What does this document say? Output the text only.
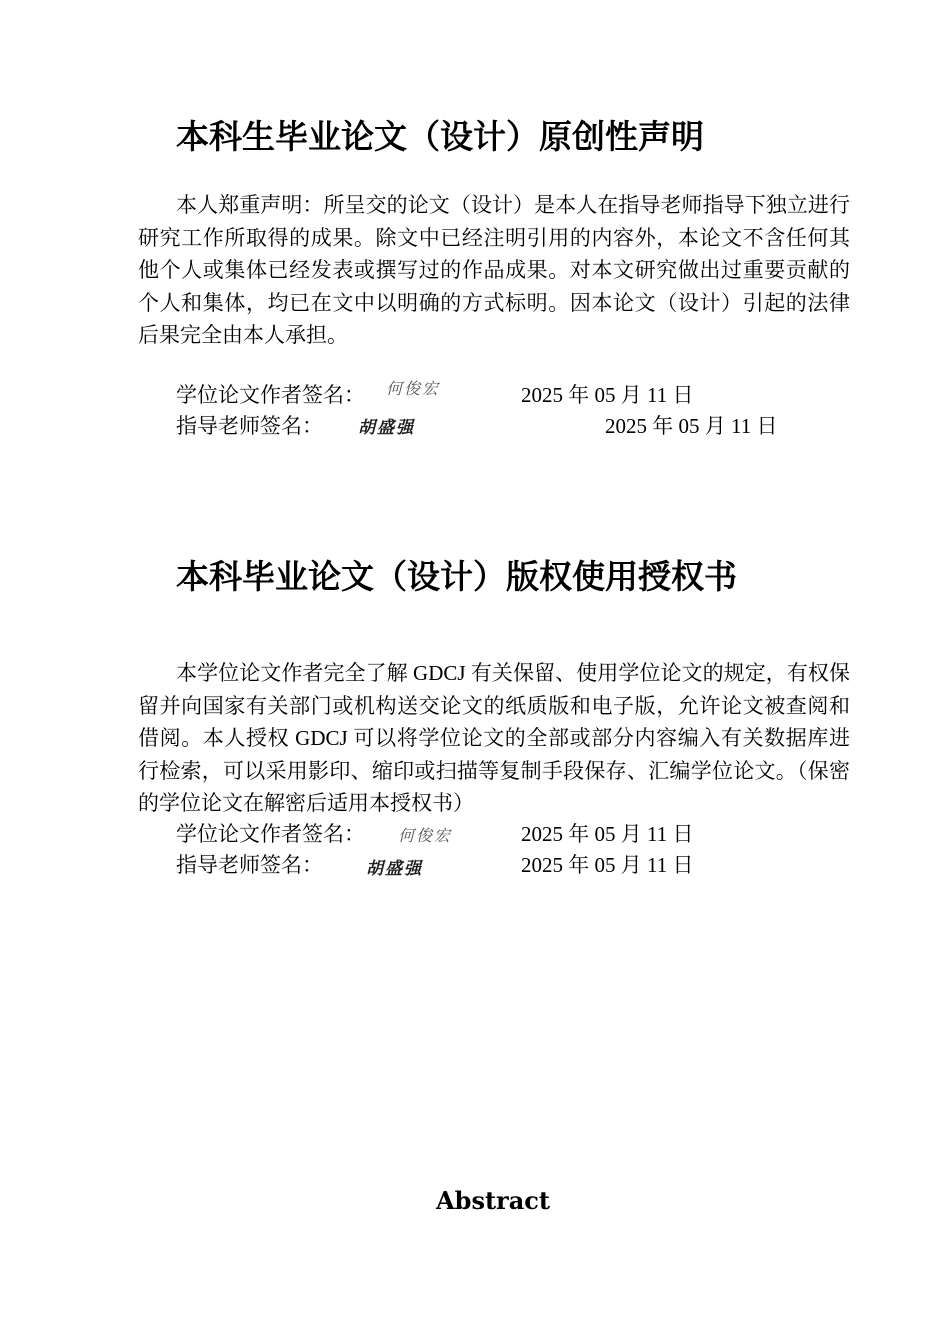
本科生毕业论文（设计）原创性声明

本人郑重声明：所呈交的论文（设计）是本人在指导老师指导下独立进行研究工作所取得的成果。除文中已经注明引用的内容外，本论文不含任何其他个人或集体已经发表或撰写过的作品成果。对本文研究做出过重要贡献的个人和集体，均已在文中以明确的方式标明。因本论文（设计）引起的法律后果完全由本人承担。

学位论文作者签名： 何俊宏	2025 年 05 月 11 日
指导老师签名： 胡盛强	2025 年 05 月 11 日
本科毕业论文（设计）版权使用授权书

本学位论文作者完全了解 GDCJ 有关保留、使用学位论文的规定，有权保留并向国家有关部门或机构送交论文的纸质版和电子版，允许论文被查阅和借阅。本人授权 GDCJ 可以将学位论文的全部或部分内容编入有关数据库进行检索，可以采用影印、缩印或扫描等复制手段保存、汇编学位论文。（保密的学位论文在解密后适用本授权书）

学位论文作者签名： 何俊宏	2025 年 05 月 11 日
指导老师签名：	胡盛强	2025 年 05 月 11 日
Abstract
